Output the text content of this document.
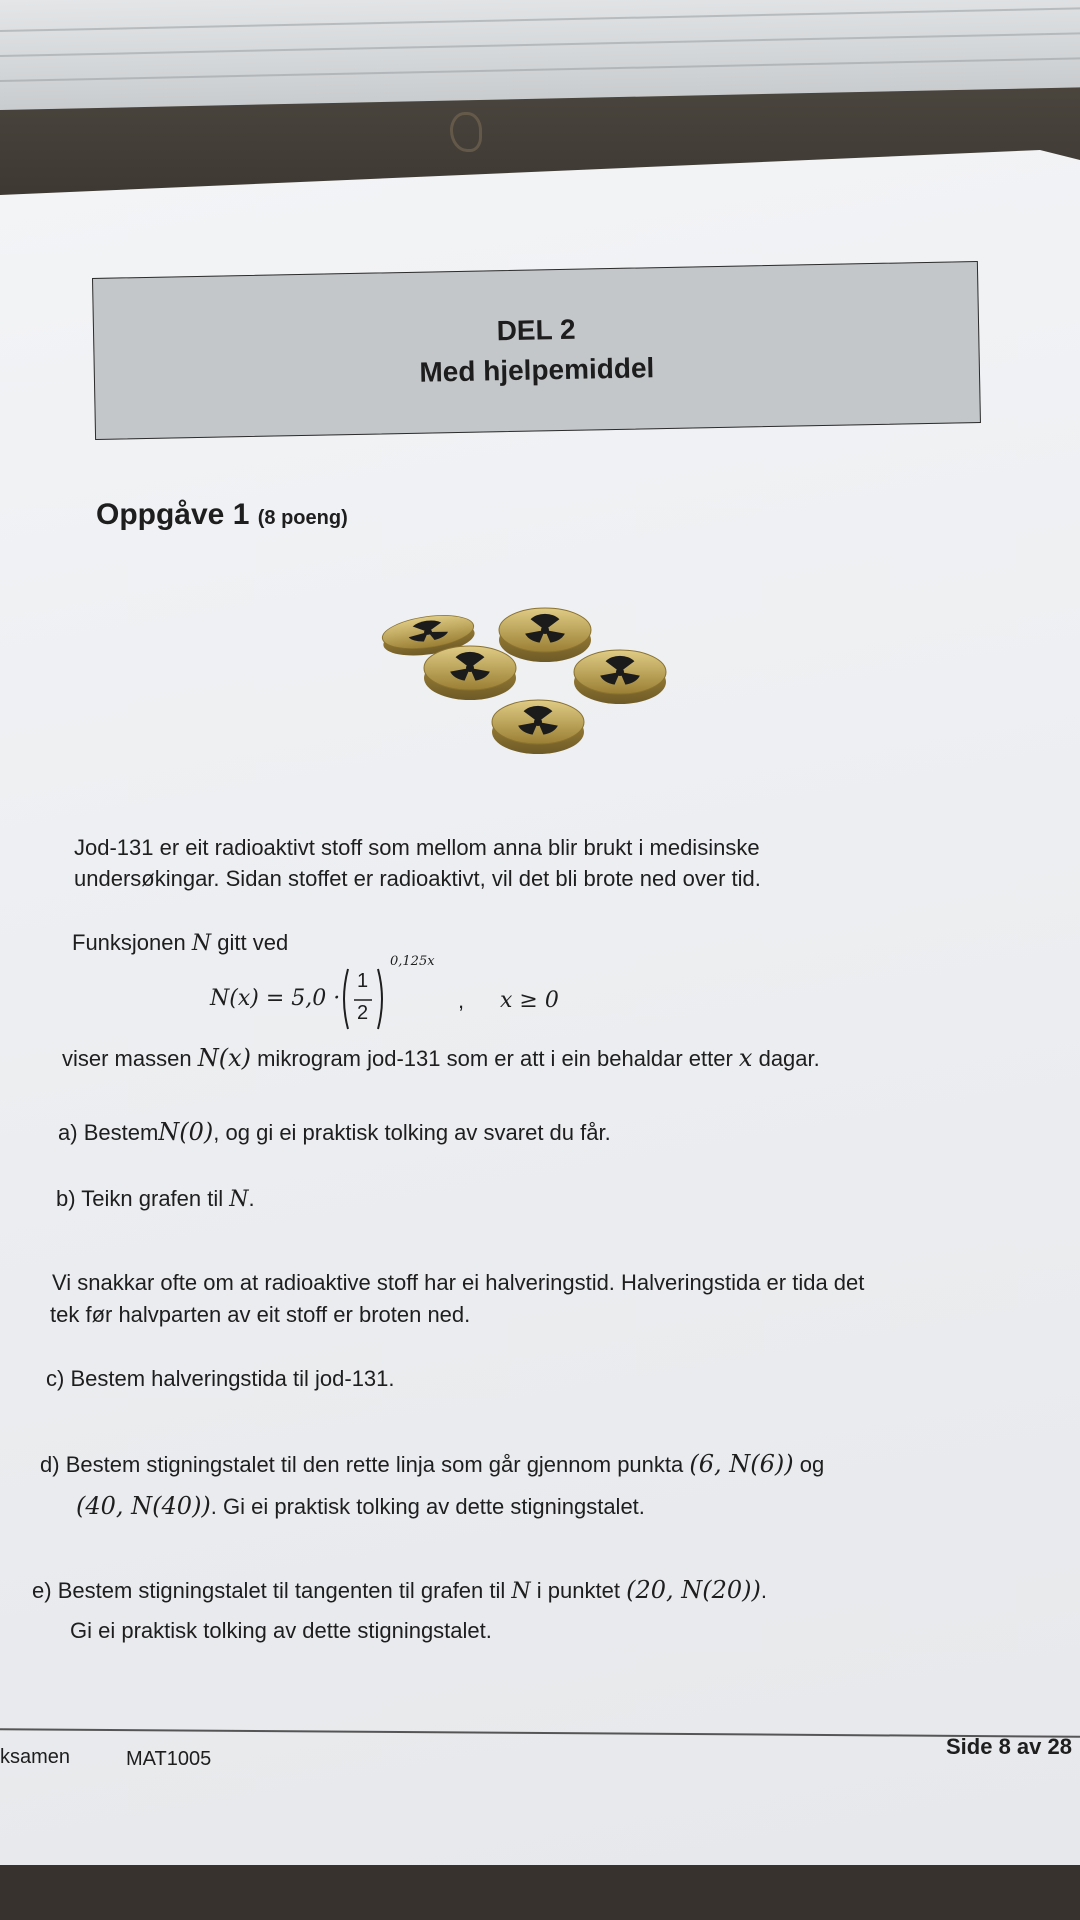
DEL 2
Med hjelpemiddel
Oppgåve 1 (8 poeng)
Jod-131 er eit radioaktivt stoff som mellom anna blir brukt i medisinske
undersøkingar. Sidan stoffet er radioaktivt, vil det bli brote ned over tid.
Funksjonen N gitt ved
N(x) = 5,0 ·
1
2
0,125x
, x ≥ 0
viser massen N(x) mikrogram jod-131 som er att i ein behaldar etter x dagar.
a) BestemN(0), og gi ei praktisk tolking av svaret du får.
b) Teikn grafen til N.
Vi snakkar ofte om at radioaktive stoff har ei halveringstid. Halveringstida er tida det
tek før halvparten av eit stoff er broten ned.
c) Bestem halveringstida til jod-131.
d) Bestem stigningstalet til den rette linja som går gjennom punkta (6, N(6)) og
(40, N(40)). Gi ei praktisk tolking av dette stigningstalet.
e) Bestem stigningstalet til tangenten til grafen til N i punktet (20, N(20)).
Gi ei praktisk tolking av dette stigningstalet.
ksamen	MAT1005	Side 8 av 28
